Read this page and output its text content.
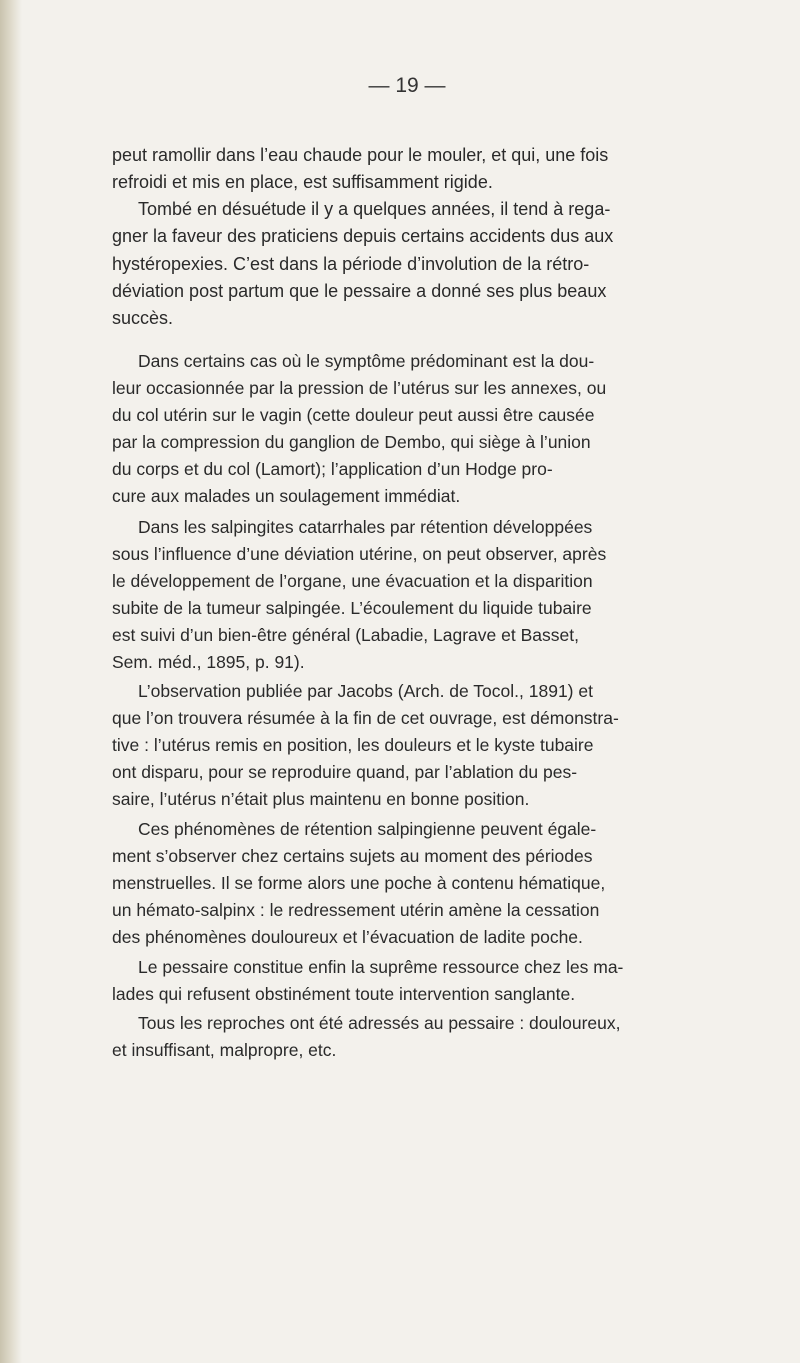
— 19 —

peut ramollir dans l’eau chaude pour le mouler, et qui, une fois
refroidi et mis en place, est suffisamment rigide.

Tombé en désuétude il y a quelques années, il tend à rega-
gner la faveur des praticiens depuis certains accidents dus aux
hystéropexies. C’est dans la période d’involution de la rétro-
déviation post partum que le pessaire a donné ses plus beaux
succès.

Dans certains cas où le symptôme prédominant est la dou-
leur occasionnée par la pression de l’utérus sur les annexes, ou
du col utérin sur le vagin (cette douleur peut aussi être causée
par la compression du ganglion de Dembo, qui siège à l’union
du corps et du col (Lamort); l’application d’un Hodge pro-
cure aux malades un soulagement immédiat.

Dans les salpingites catarrhales par rétention développées
sous l’influence d’une déviation utérine, on peut observer, après
le développement de l’organe, une évacuation et la disparition
subite de la tumeur salpingée. L’écoulement du liquide tubaire
est suivi d’un bien-être général (Labadie, Lagrave et Basset,
Sem. méd., 1895, p. 91).

L’observation publiée par Jacobs (Arch. de Tocol., 1891) et
que l’on trouvera résumée à la fin de cet ouvrage, est démonstra-
tive : l’utérus remis en position, les douleurs et le kyste tubaire
ont disparu, pour se reproduire quand, par l’ablation du pes-
saire, l’utérus n’était plus maintenu en bonne position.

Ces phénomènes de rétention salpingienne peuvent égale-
ment s’observer chez certains sujets au moment des périodes
menstruelles. Il se forme alors une poche à contenu hématique,
un hémato-salpinx : le redressement utérin amène la cessation
des phénomènes douloureux et l’évacuation de ladite poche.

Le pessaire constitue enfin la suprême ressource chez les ma-
lades qui refusent obstinément toute intervention sanglante.

Tous les reproches ont été adressés au pessaire : douloureux,
et insuffisant, malpropre, etc.
